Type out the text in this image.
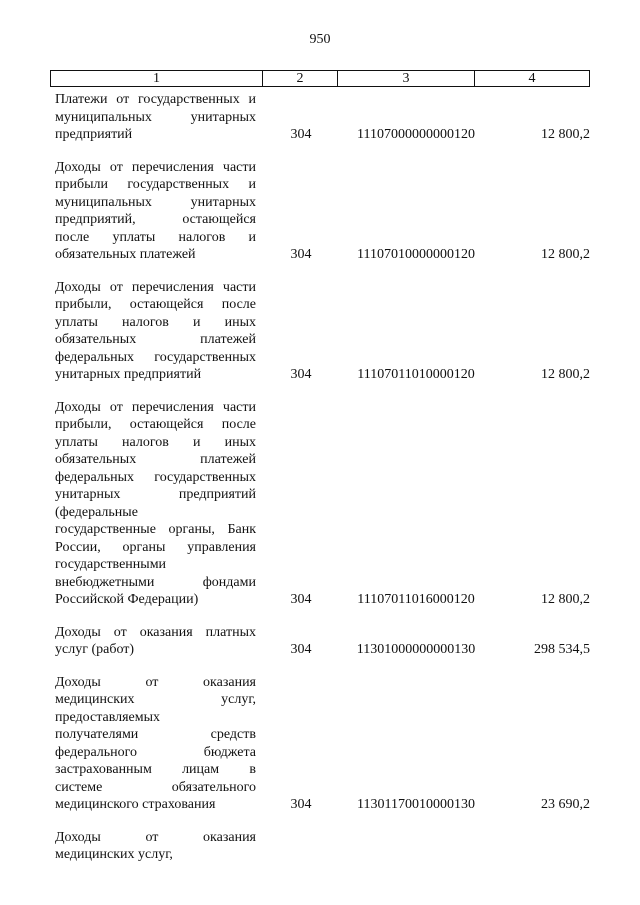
950
1	2	3	4
Платежи от государственных и
муниципальных унитарных
предприятий	304	11107000000000120	12 800,2
Доходы от перечисления части
прибыли государственных и
муниципальных унитарных
предприятий, остающейся
после уплаты налогов и
обязательных платежей	304	11107010000000120	12 800,2
Доходы от перечисления части
прибыли, остающейся после
уплаты налогов и иных
обязательных платежей
федеральных государственных
унитарных предприятий	304	11107011010000120	12 800,2
Доходы от перечисления части
прибыли, остающейся после
уплаты налогов и иных
обязательных платежей
федеральных государственных
унитарных предприятий
(федеральные
государственные органы, Банк
России, органы управления
государственными
внебюджетными фондами
Российской Федерации)	304	11107011016000120	12 800,2
Доходы от оказания платных
услуг (работ)	304	11301000000000130	298 534,5
Доходы от оказания
медицинских услуг,
предоставляемых
получателями средств
федерального бюджета
застрахованным лицам в
системе обязательного
медицинского страхования	304	11301170010000130	23 690,2
Доходы от оказания
медицинских услуг,
